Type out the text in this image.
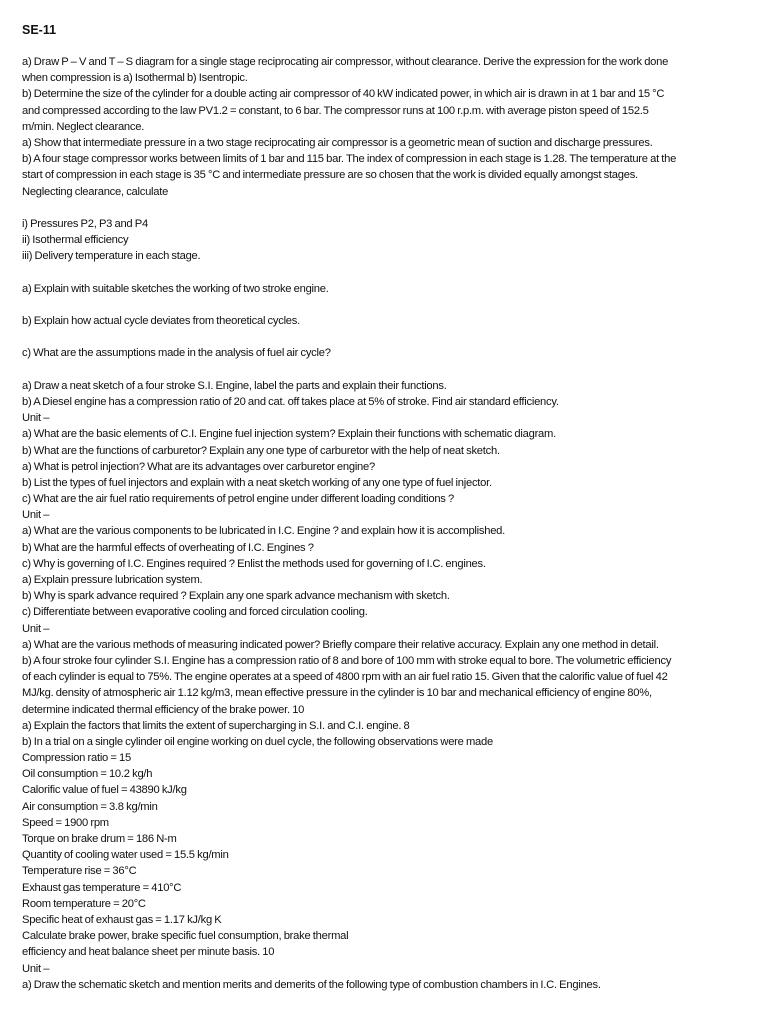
SE-11
a) Draw P – V and T – S diagram for a single stage reciprocating air compressor, without clearance. Derive the expression for the work done
when compression is a) Isothermal b) Isentropic.
b) Determine the size of the cylinder for a double acting air compressor of 40 kW indicated power, in which air is drawn in at 1 bar and 15 °C
and compressed according to the law PV1.2 = constant, to 6 bar. The compressor runs at 100 r.p.m. with average piston speed of 152.5
m/min. Neglect clearance.
a) Show that intermediate pressure in a two stage reciprocating air compressor is a geometric mean of suction and discharge pressures.
b) A four stage compressor works between limits of 1 bar and 115 bar. The index of compression in each stage is 1.28. The temperature at the
start of compression in each stage is 35 °C and intermediate pressure are so chosen that the work is divided equally amongst stages.
Neglecting clearance, calculate
i) Pressures P2, P3 and P4
ii) Isothermal efficiency
iii) Delivery temperature in each stage.
a) Explain with suitable sketches the working of two stroke engine.
b) Explain how actual cycle deviates from theoretical cycles.
c) What are the assumptions made in the analysis of fuel air cycle?
a) Draw a neat sketch of a four stroke S.I. Engine, label the parts and explain their functions.
b) A Diesel engine has a compression ratio of 20 and cat. off takes place at 5% of stroke. Find air standard efficiency.
Unit –
a) What are the basic elements of C.I. Engine fuel injection system? Explain their functions with schematic diagram.
b) What are the functions of carburetor? Explain any one type of carburetor with the help of neat sketch.
a) What is petrol injection? What are its advantages over carburetor engine?
b) List the types of fuel injectors and explain with a neat sketch working of any one type of fuel injector.
c) What are the air fuel ratio requirements of petrol engine under different loading conditions ?
Unit –
a) What are the various components to be lubricated in I.C. Engine ? and explain how it is accomplished.
b) What are the harmful effects of overheating of I.C. Engines ?
c) Why is governing of I.C. Engines required ? Enlist the methods used for governing of I.C. engines.
a) Explain pressure lubrication system.
b) Why is spark advance required ? Explain any one spark advance mechanism with sketch.
c) Differentiate between evaporative cooling and forced circulation cooling.
Unit –
a) What are the various methods of measuring indicated power? Briefly compare their relative accuracy. Explain any one method in detail.
b) A four stroke four cylinder S.I. Engine has a compression ratio of 8 and bore of 100 mm with stroke equal to bore. The volumetric efficiency
of each cylinder is equal to 75%. The engine operates at a speed of 4800 rpm with an air fuel ratio 15. Given that the calorific value of fuel 42
MJ/kg. density of atmospheric air 1.12 kg/m3, mean effective pressure in the cylinder is 10 bar and mechanical efficiency of engine 80%,
determine indicated thermal efficiency of the brake power. 10
a) Explain the factors that limits the extent of supercharging in S.I. and C.I. engine. 8
b) In a trial on a single cylinder oil engine working on duel cycle, the following observations were made
Compression ratio = 15
Oil consumption = 10.2 kg/h
Calorific value of fuel = 43890 kJ/kg
Air consumption = 3.8 kg/min
Speed = 1900 rpm
Torque on brake drum = 186 N-m
Quantity of cooling water used = 15.5 kg/min
Temperature rise = 36°C
Exhaust gas temperature = 410°C
Room temperature = 20°C
Specific heat of exhaust gas = 1.17 kJ/kg K
Calculate brake power, brake specific fuel consumption, brake thermal
efficiency and heat balance sheet per minute basis. 10
Unit –
a) Draw the schematic sketch and mention merits and demerits of the following type of combustion chambers in I.C. Engines.
